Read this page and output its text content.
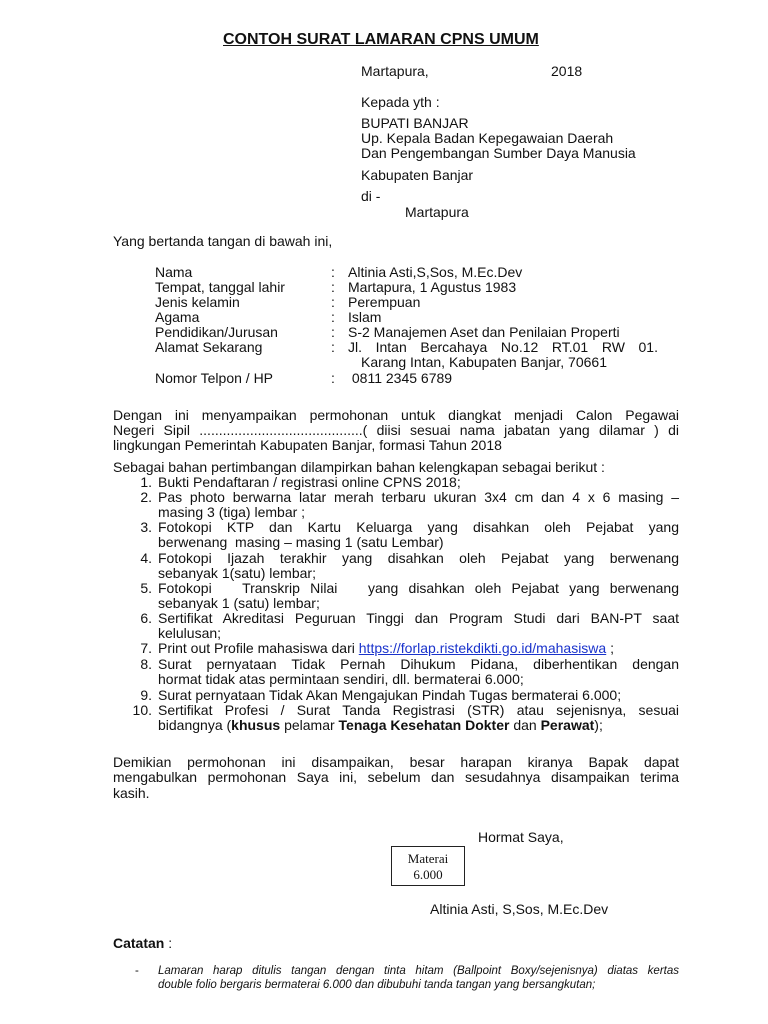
CONTOH SURAT LAMARAN CPNS UMUM
Martapura,	2018
Kepada yth :
BUPATI BANJAR
Up. Kepala Badan Kepegawaian Daerah
Dan Pengembangan Sumber Daya Manusia
Kabupaten Banjar
di -
Martapura
Yang bertanda tangan di bawah ini,
Nama	: Altinia Asti,S,Sos, M.Ec.Dev
Tempat, tanggal lahir	: Martapura, 1 Agustus 1983
Jenis kelamin	: Perempuan
Agama	: Islam
Pendidikan/Jurusan	: S-2 Manajemen Aset dan Penilaian Properti
Alamat Sekarang	: Jl.  Intan  Bercahaya  No.12  RT.01  RW  01.
Karang Intan, Kabupaten Banjar, 70661
Nomor Telpon / HP	: 0811 2345 6789
Dengan ini menyampaikan permohonan untuk diangkat menjadi Calon Pegawai
Negeri Sipil ..........................................( diisi sesuai nama jabatan yang dilamar ) di
lingkungan Pemerintah Kabupaten Banjar, formasi Tahun 2018
Sebagai bahan pertimbangan dilampirkan bahan kelengkapan sebagai berikut :
1. Bukti Pendaftaran / registrasi online CPNS 2018;
2. Pas photo berwarna latar merah terbaru ukuran 3x4 cm dan 4 x 6 masing –
masing 3 (tiga) lembar ;
3. Fotokopi KTP dan Kartu Keluarga yang disahkan oleh Pejabat yang
berwenang  masing – masing 1 (satu Lembar)
4. Fotokopi Ijazah terakhir yang disahkan oleh Pejabat yang berwenang
sebanyak 1(satu) lembar;
5. Fotokopi   Transkrip Nilai   yang disahkan oleh Pejabat yang berwenang
sebanyak 1 (satu) lembar;
6. Sertifikat Akreditasi Peguruan Tinggi dan Program Studi dari BAN-PT saat
kelulusan;
7. Print out Profile mahasiswa dari https://forlap.ristekdikti.go.id/mahasiswa ;
8. Surat pernyataan Tidak Pernah Dihukum Pidana, diberhentikan dengan
hormat tidak atas permintaan sendiri, dll. bermaterai 6.000;
9. Surat pernyataan Tidak Akan Mengajukan Pindah Tugas bermaterai 6.000;
10. Sertifikat Profesi / Surat Tanda Registrasi (STR) atau sejenisnya, sesuai
bidangnya (khusus pelamar Tenaga Kesehatan Dokter dan Perawat);
Demikian permohonan ini disampaikan, besar harapan kiranya Bapak dapat
mengabulkan permohonan Saya ini, sebelum dan sesudahnya disampaikan terima
kasih.
Hormat Saya,
Materai
6.000
Altinia Asti, S,Sos, M.Ec.Dev
Catatan :
- Lamaran harap ditulis tangan dengan tinta hitam (Ballpoint Boxy/sejenisnya) diatas kertas
double folio bergaris bermaterai 6.000 dan dibubuhi tanda tangan yang bersangkutan;
